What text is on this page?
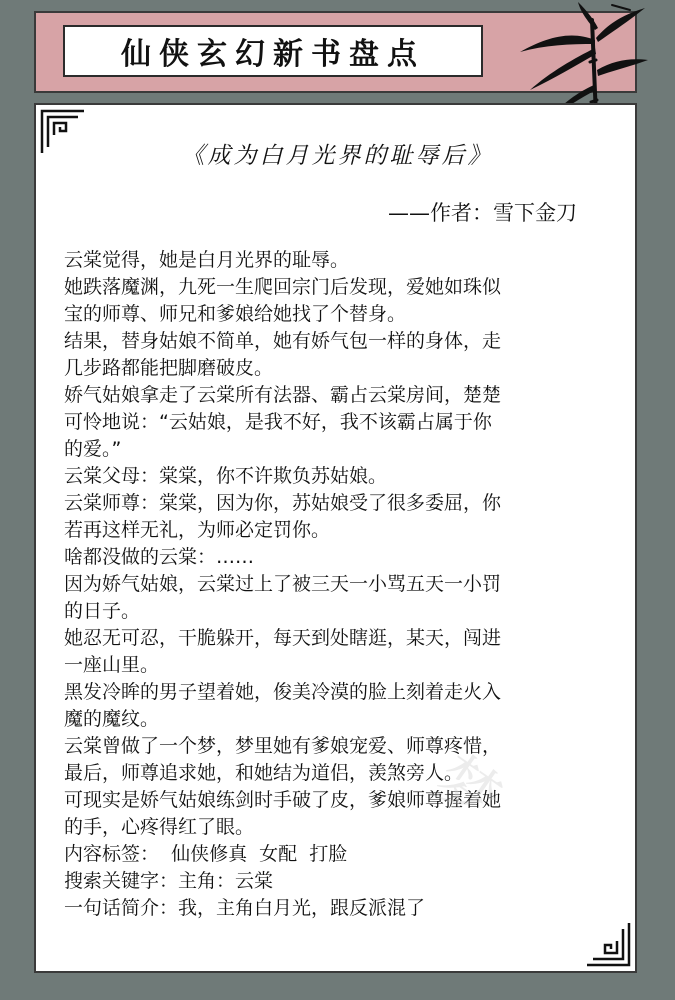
仙侠玄幻新书盘点
《成为白月光界的耻辱后》
——作者：雪下金刀

云棠觉得，她是白月光界的耻辱。

她跌落魔渊，九死一生爬回宗门后发现，爱她如珠似

宝的师尊、师兄和爹娘给她找了个替身。

结果，替身姑娘不简单，她有娇气包一样的身体，走

几步路都能把脚磨破皮。

娇气姑娘拿走了云棠所有法器、霸占云棠房间，楚楚

可怜地说：“云姑娘，是我不好，我不该霸占属于你

的爱。”

云棠父母：棠棠，你不许欺负苏姑娘。

云棠师尊：棠棠，因为你，苏姑娘受了很多委屈，你

若再这样无礼，为师必定罚你。

啥都没做的云棠：……

因为娇气姑娘，云棠过上了被三天一小骂五天一小罚

的日子。

她忍无可忍，干脆躲开，每天到处瞎逛，某天，闯进

一座山里。

黑发冷眸的男子望着她，俊美冷漠的脸上刻着走火入

魔的魔纹。

云棠曾做了一个梦，梦里她有爹娘宠爱、师尊疼惜，

最后，师尊追求她，和她结为道侣，羡煞旁人。

可现实是娇气姑娘练剑时手破了皮，爹娘师尊握着她

的手，心疼得红了眼。

内容标签：  仙侠修真  女配  打脸

搜索关键字：主角：云棠

一句话简介：我，主角白月光，跟反派混了

梦
